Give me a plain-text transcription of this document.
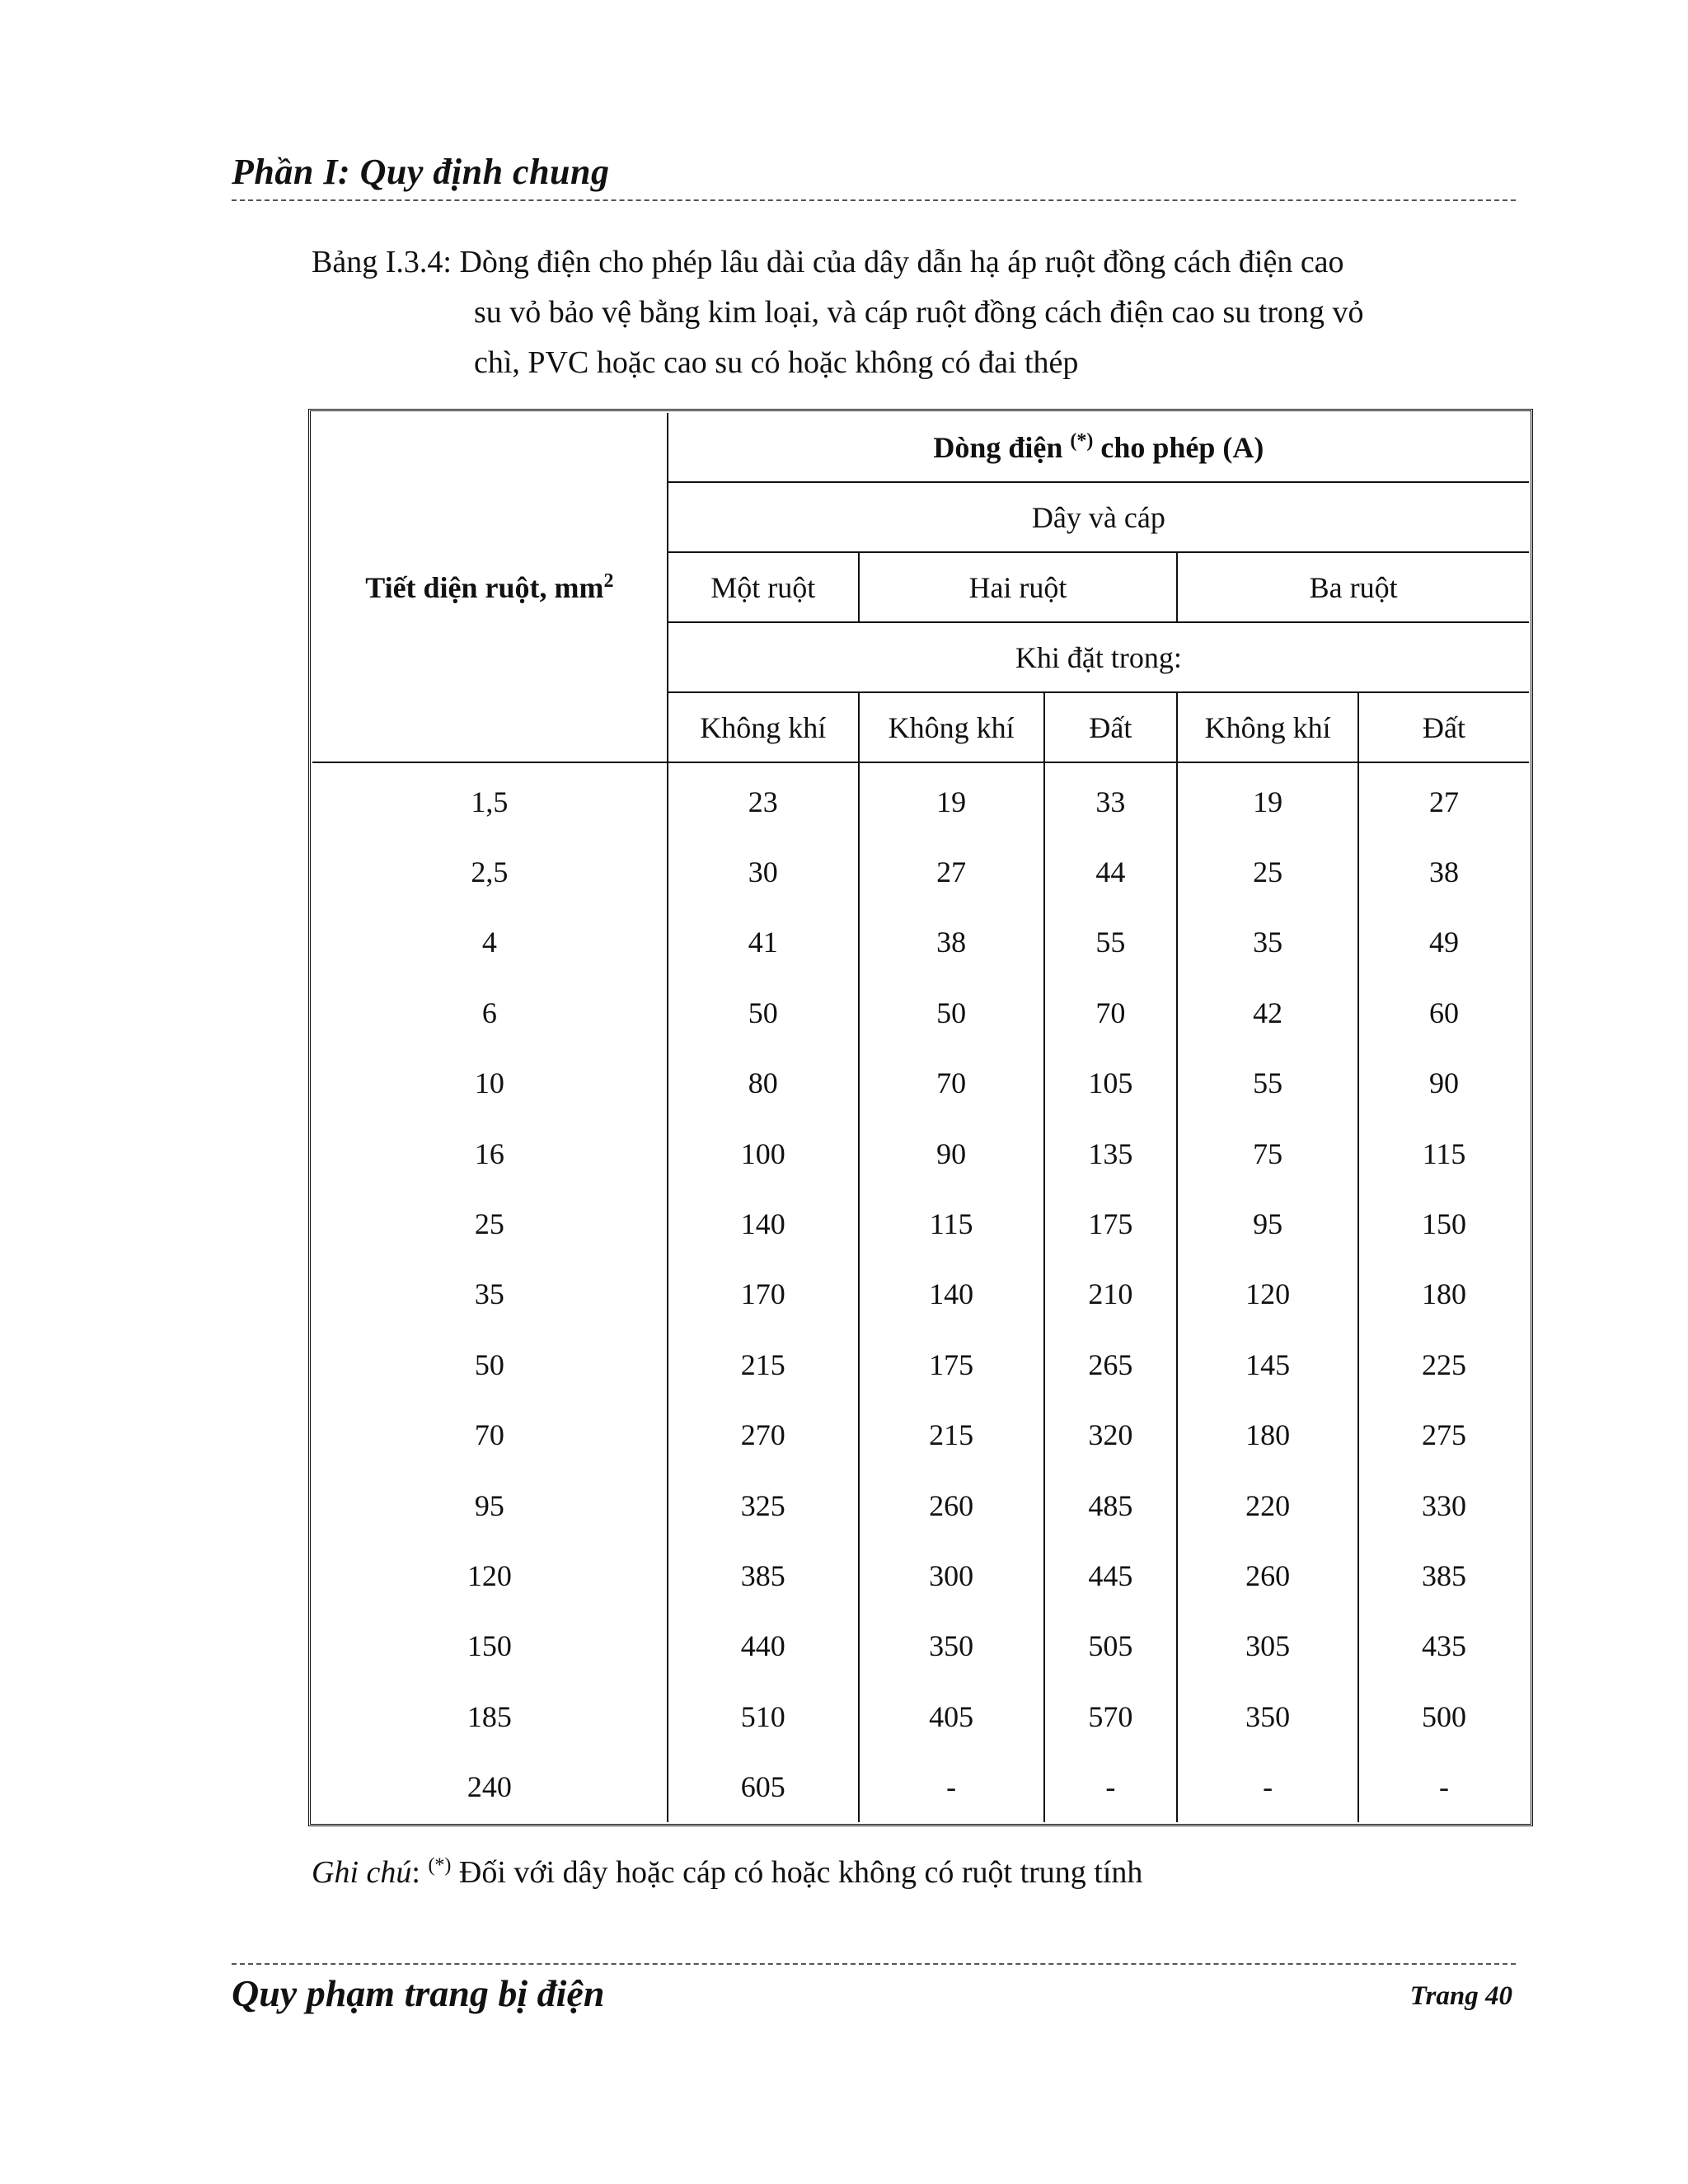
Phần I: Quy định chung
Bảng I.3.4:
Dòng điện cho phép lâu dài của dây dẫn hạ áp ruột đồng cách điện cao
su vỏ bảo vệ bằng kim loại, và cáp ruột đồng cách điện cao su trong vỏ
chì, PVC hoặc cao su có hoặc không có đai thép
Tiết diện ruột, $mm^2$	Dòng điện (*) cho phép (A)				
	Dây và cáp				
	Một ruột	Hai ruột		Ba ruột	
	Khi đặt trong:				
	Không khí	Không khí	Đất	Không khí	Đất
1,5	23	19	33	19	27
2,5	30	27	44	25	38
4	41	38	55	35	49
6	50	50	70	42	60
10	80	70	105	55	90
16	100	90	135	75	115
25	140	115	175	95	150
35	170	140	210	120	180
50	215	175	265	145	225
70	270	215	320	180	275
95	325	260	485	220	330
120	385	300	445	260	385
150	440	350	505	305	435
185	510	405	570	350	500
240	605	-	-	-	-
Ghi chú: (*) Đối với dây hoặc cáp có hoặc không có ruột trung tính
Quy phạm trang bị điện	Trang 40
